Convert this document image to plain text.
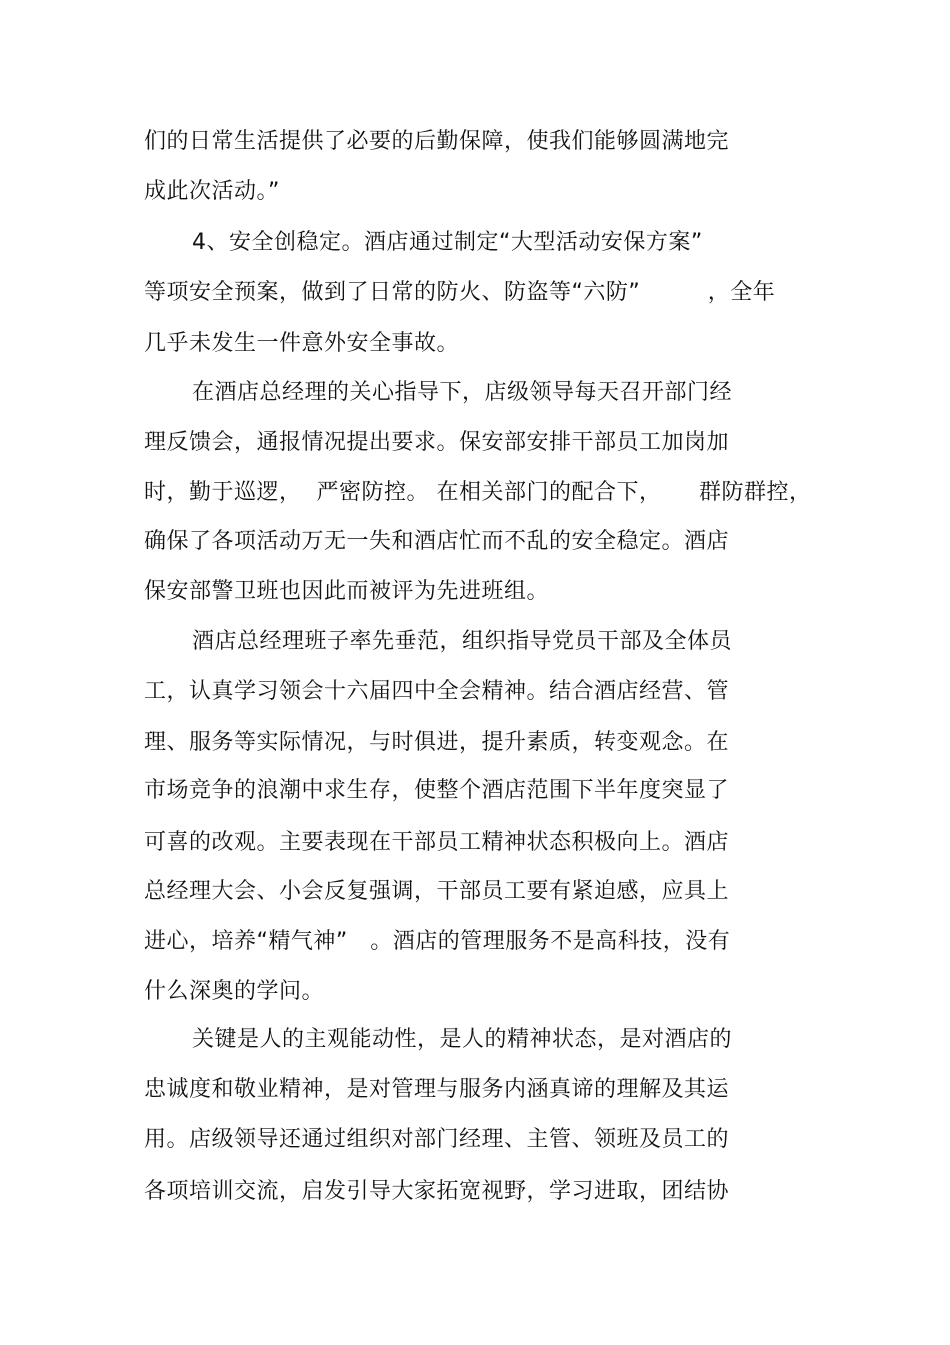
们的日常生活提供了必要的后勤保障，使我们能够圆满地完
成此次活动。”
4、安全创稳定。酒店通过制定“大型活动安保方案”
等项安全预案，做到了日常的防火、防盗等“六防”         ，全年
几乎未发生一件意外安全事故。
在酒店总经理的关心指导下，店级领导每天召开部门经
理反馈会，通报情况提出要求。保安部安排干部员工加岗加
时，勤于巡逻，  严密防控。 在相关部门的配合下，     群防群控，
确保了各项活动万无一失和酒店忙而不乱的安全稳定。酒店
保安部警卫班也因此而被评为先进班组。
酒店总经理班子率先垂范，组织指导党员干部及全体员
工，认真学习领会十六届四中全会精神。结合酒店经营、管
理、服务等实际情况，与时俱进，提升素质，转变观念。在
市场竞争的浪潮中求生存，使整个酒店范围下半年度突显了
可喜的改观。主要表现在干部员工精神状态积极向上。酒店
总经理大会、小会反复强调，干部员工要有紧迫感，应具上
进心，培养“精气神”   。酒店的管理服务不是高科技，没有
什么深奥的学问。
关键是人的主观能动性，是人的精神状态，是对酒店的
忠诚度和敬业精神，是对管理与服务内涵真谛的理解及其运
用。店级领导还通过组织对部门经理、主管、领班及员工的
各项培训交流，启发引导大家拓宽视野，学习进取，团结协
